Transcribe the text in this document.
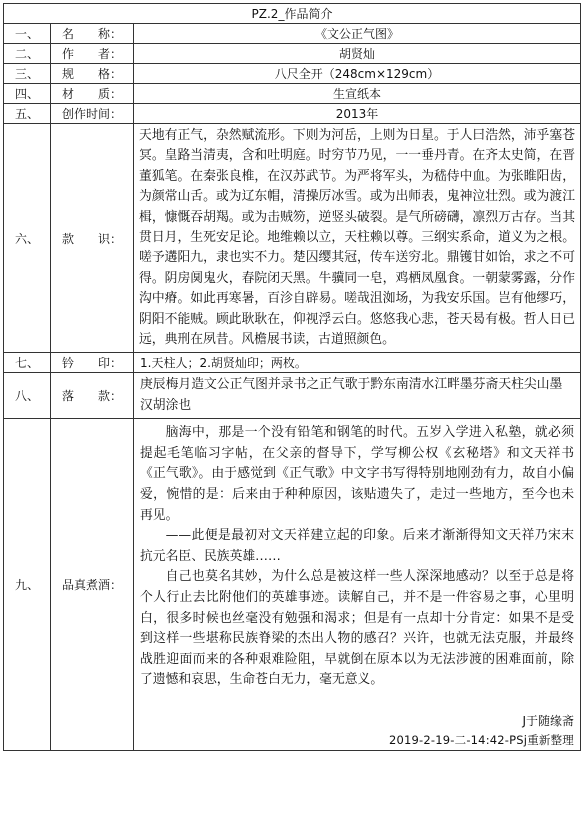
PZ.2_作品简介		
一、	名　　称：	《文公正气图》
二、	作　　者：	胡贤灿
三、	规　　格：	八尺全开（248cm×129cm）
四、	材　　质：	生宣纸本
五、	创作时间：	2013年
六、	款　　识：	天地有正气，杂然赋流形。下则为河岳，上则为日星。于人曰浩然，沛乎塞苍冥。皇路当清夷，含和吐明庭。时穷节乃见，一一垂丹青。在齐太史简，在晋董狐笔。在秦张良椎，在汉苏武节。为严将军头，为嵇侍中血。为张睢阳齿，为颜常山舌。或为辽东帽，清操厉冰雪。或为出师表，鬼神泣壮烈。或为渡江楫，慷慨吞胡羯。或为击贼笏，逆竖头破裂。是气所磅礴，凛烈万古存。当其贯日月，生死安足论。地维赖以立，天柱赖以尊。三纲实系命，道义为之根。嗟予遘阳九，隶也实不力。楚囚缨其冠，传车送穷北。鼎镬甘如饴，求之不可得。阴房阒鬼火，春院闭天黑。牛骥同一皂，鸡栖凤凰食。一朝蒙雾露，分作沟中瘠。如此再寒暑，百沴自辟易。嗟哉沮洳场，为我安乐国。岂有他缪巧，阴阳不能贼。顾此耿耿在，仰视浮云白。悠悠我心悲，苍天曷有极。哲人日已远，典刑在夙昔。风檐展书读，古道照颜色。
七、	钤　　印：	1.天柱人；2.胡贤灿印；两枚。
八、	落　　款：	庚辰梅月造文公正气图并录书之正气歌于黔东南清水江畔墨芬斋天柱尖山墨汉胡涂也
九、	品真煮酒：	脑海中，那是一个没有铅笔和钢笔的时代。五岁入学进入私塾，就必须提起毛笔临习字帖，在父亲的督导下，学写柳公权《玄秘塔》和文天祥书《正气歌》。由于感觉到《正气歌》中文字书写得特别地刚劲有力，故自小偏爱，惋惜的是：后来由于种种原因，该贴遗失了，走过一些地方，至今也未再见。

——此便是最初对文天祥建立起的印象。后来才渐渐得知文天祥乃宋末抗元名臣、民族英雄……

自己也莫名其妙，为什么总是被这样一些人深深地感动？以至于总是将个人行止去比附他们的英雄事迹。读解自己，并不是一件容易之事，心里明白，很多时候也丝毫没有勉强和渴求；但是有一点却十分肯定：如果不是受到这样一些堪称民族脊梁的杰出人物的感召？兴许，也就无法克服，并最终战胜迎面而来的各种艰难险阻，早就倒在原本以为无法涉渡的困难面前，除了遗憾和哀思，生命苍白无力，毫无意义。

J于随缘斋
2019-2-19-二-14:42-PSj重新整理
